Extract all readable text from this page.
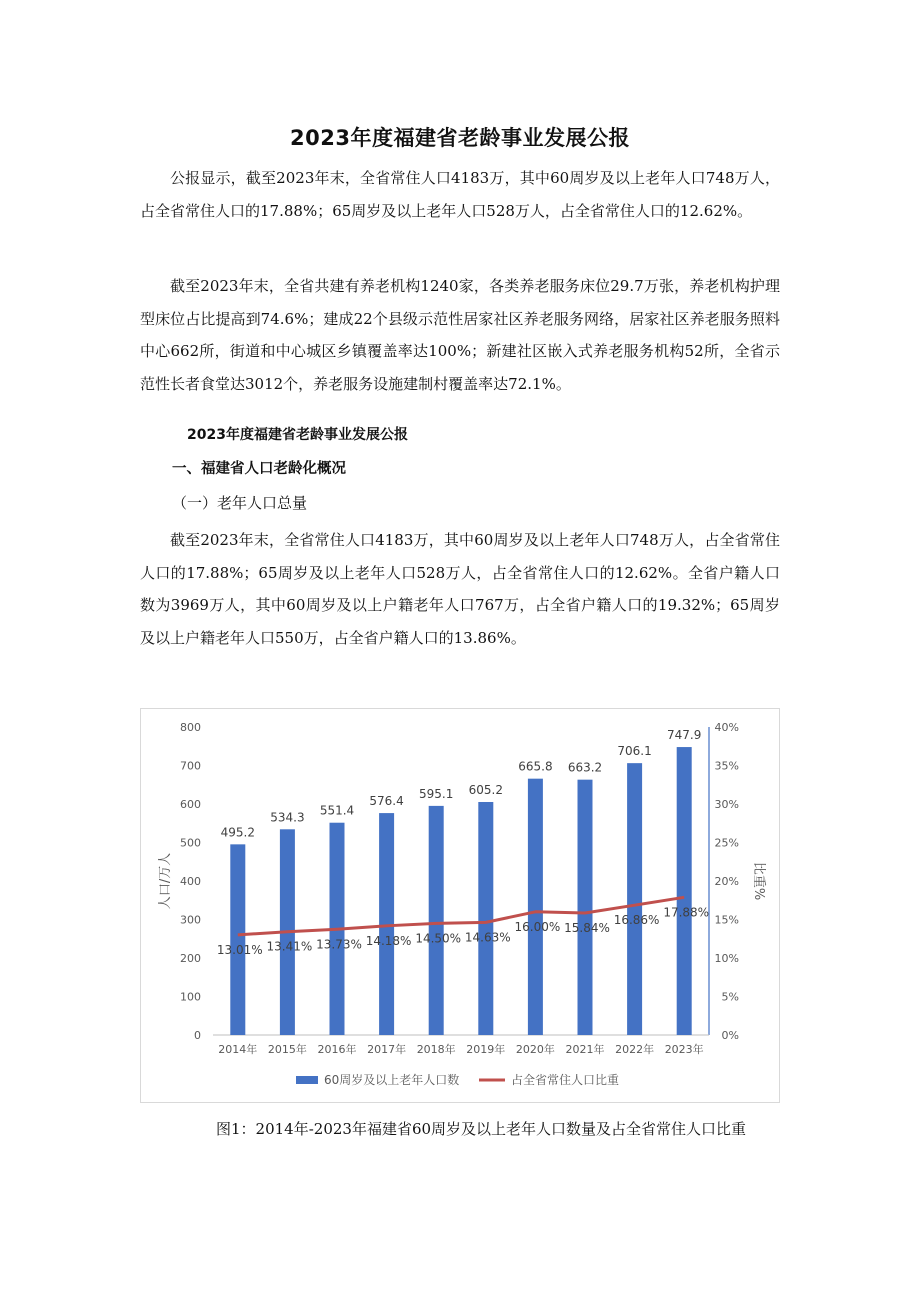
2023年度福建省老龄事业发展公报

公报显示，截至2023年末，全省常住人口4183万，其中60周岁及以上老年人口748万人，占全省常住人口的17.88%；65周岁及以上老年人口528万人，占全省常住人口的12.62%。

截至2023年末，全省共建有养老机构1240家，各类养老服务床位29.7万张，养老机构护理型床位占比提高到74.6%；建成22个县级示范性居家社区养老服务网络，居家社区养老服务照料中心662所，街道和中心城区乡镇覆盖率达100%；新建社区嵌入式养老服务机构52所，全省示范性长者食堂达3012个，养老服务设施建制村覆盖率达72.1%。

2023年度福建省老龄事业发展公报
一、福建省人口老龄化概况
（一）老年人口总量

截至2023年末，全省常住人口4183万，其中60周岁及以上老年人口748万人，占全省常住人口的17.88%；65周岁及以上老年人口528万人，占全省常住人口的12.62%。全省户籍人口数为3969万人，其中60周岁及以上户籍老年人口767万，占全省户籍人口的19.32%；65周岁及以上户籍老年人口550万，占全省户籍人口的13.86%。

0
100
200
300
400
500
600
700
800
0%
5%
10%
15%
20%
25%
30%
35%
40%
人口/万人	比重%
495.2
2014年
534.3
2015年
551.4
2016年
576.4
2017年
595.1
2018年
605.2
2019年
665.8
2020年
663.2
2021年
706.1
2022年
747.9
2023年
13.01% 13.41% 13.73% 14.18% 14.50% 14.63%
16.00% 15.84%
16.86%
17.88%
60周岁及以上老年人口数	占全省常住人口比重
图1：2014年-2023年福建省60周岁及以上老年人口数量及占全省常住人口比重
